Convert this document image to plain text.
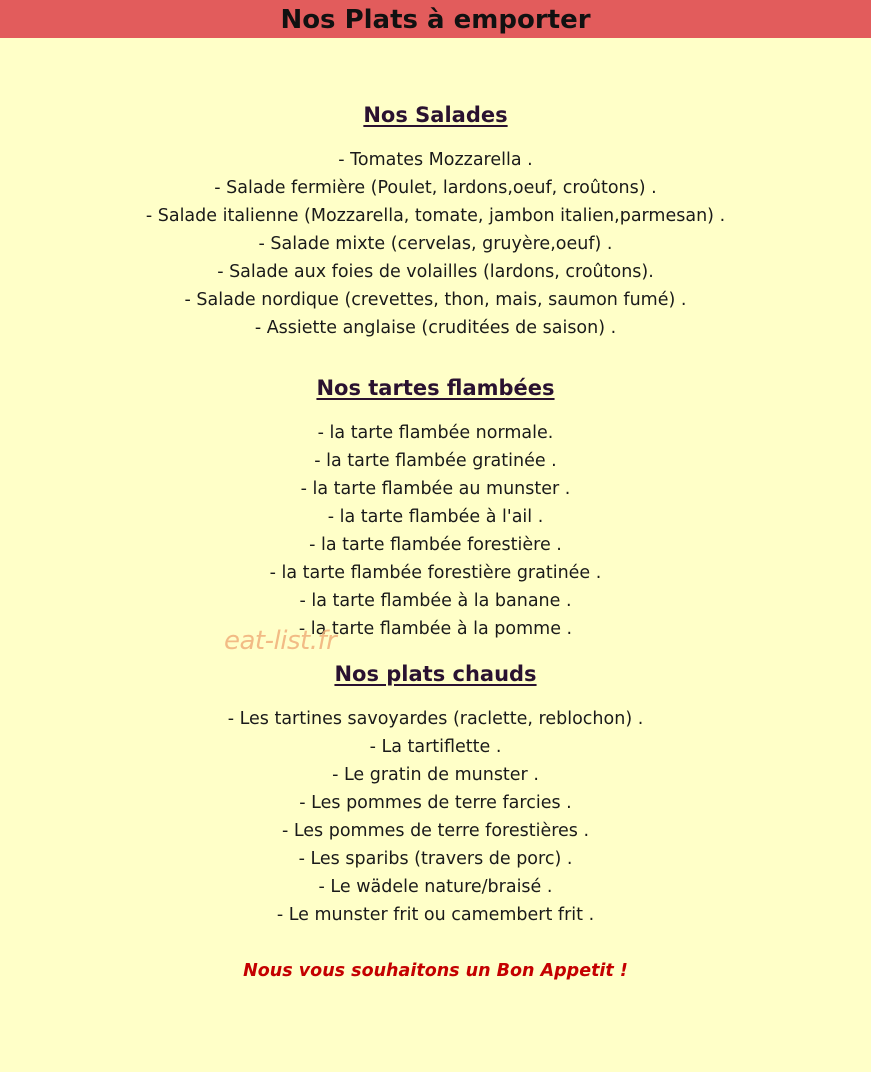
Nos Plats à emporter
Nos Salades
- Tomates Mozzarella .
- Salade fermière (Poulet, lardons,oeuf, croûtons) .
- Salade italienne (Mozzarella, tomate, jambon italien,parmesan) .
- Salade mixte (cervelas, gruyère,oeuf) .
- Salade aux foies de volailles (lardons, croûtons).
- Salade nordique (crevettes, thon, mais, saumon fumé) .
- Assiette anglaise (cruditées de saison) .
Nos tartes flambées
- la tarte flambée normale.
- la tarte flambée gratinée .
- la tarte flambée au munster .
- la tarte flambée à l'ail .
- la tarte flambée forestière .
- la tarte flambée forestière gratinée .
- la tarte flambée à la banane .
- la tarte flambée à la pomme .
eat-list.fr
Nos plats chauds
- Les tartines savoyardes (raclette, reblochon) .
- La tartiflette .
- Le gratin de munster .
- Les pommes de terre farcies .
- Les pommes de terre forestières .
- Les sparibs (travers de porc) .
- Le wädele nature/braisé .
- Le munster frit ou camembert frit .

Nous vous souhaitons un Bon Appetit !
